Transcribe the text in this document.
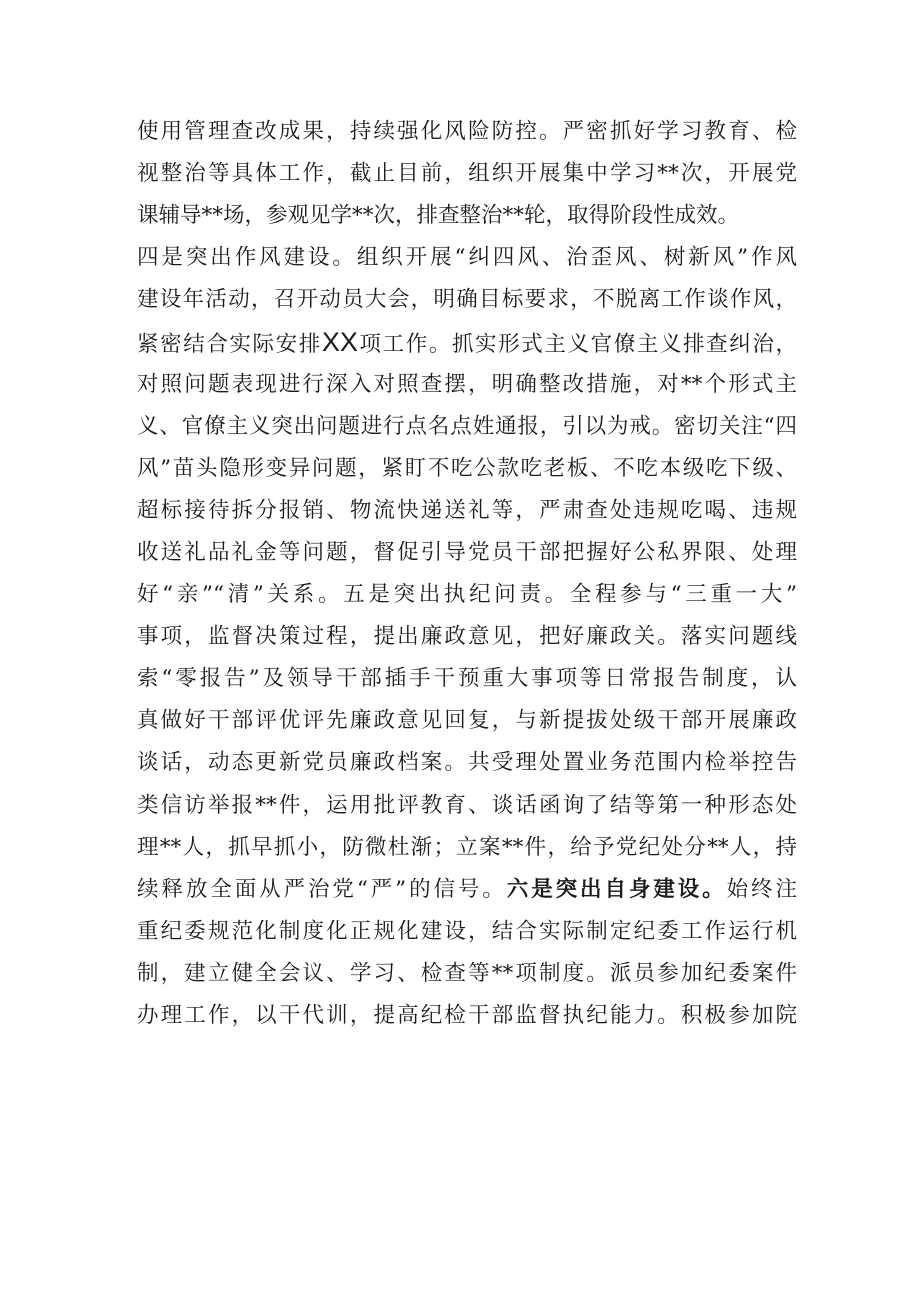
使用管理查改成果，持续强化风险防控。严密抓好学习教育、检
视整治等具体工作，截止目前，组织开展集中学习**次，开展党
课辅导**场，参观见学**次，排查整治**轮，取得阶段性成效。
四是突出作风建设。组织开展“纠四风、治歪风、树新风”作风
建设年活动，召开动员大会，明确目标要求，不脱离工作谈作风，
紧密结合实际安排XX项工作。抓实形式主义官僚主义排查纠治，
对照问题表现进行深入对照查摆，明确整改措施，对**个形式主
义、官僚主义突出问题进行点名点姓通报，引以为戒。密切关注“四
风”苗头隐形变异问题，紧盯不吃公款吃老板、不吃本级吃下级、
超标接待拆分报销、物流快递送礼等，严肃查处违规吃喝、违规
收送礼品礼金等问题，督促引导党员干部把握好公私界限、处理
好“亲”“清”关系。五是突出执纪问责。全程参与“三重一大”
事项，监督决策过程，提出廉政意见，把好廉政关。落实问题线
索“零报告”及领导干部插手干预重大事项等日常报告制度，认
真做好干部评优评先廉政意见回复，与新提拔处级干部开展廉政
谈话，动态更新党员廉政档案。共受理处置业务范围内检举控告
类信访举报**件，运用批评教育、谈话函询了结等第一种形态处
理**人，抓早抓小，防微杜渐；立案**件，给予党纪处分**人，持
续释放全面从严治党“严”的信号。六是突出自身建设。始终注
重纪委规范化制度化正规化建设，结合实际制定纪委工作运行机
制，建立健全会议、学习、检查等**项制度。派员参加纪委案件
办理工作，以干代训，提高纪检干部监督执纪能力。积极参加院
